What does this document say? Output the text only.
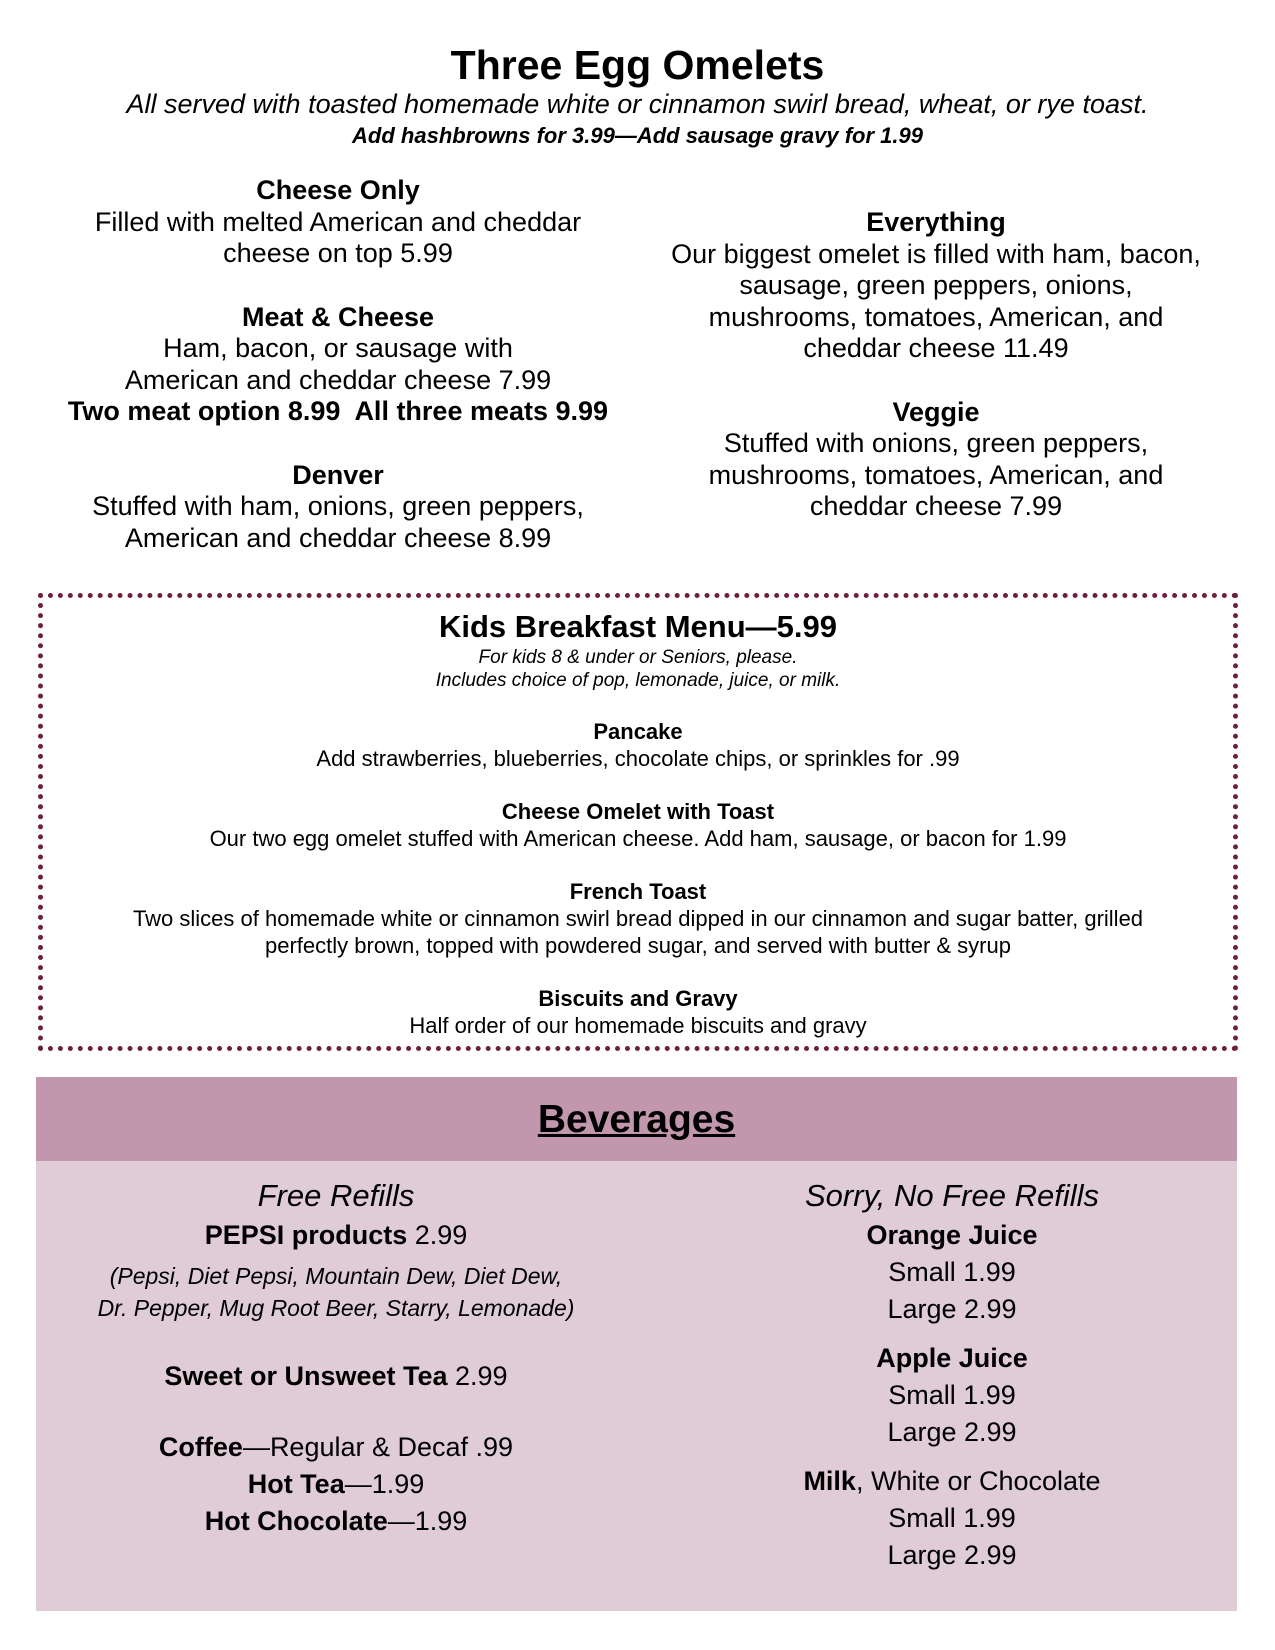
Three Egg Omelets
All served with toasted homemade white or cinnamon swirl bread, wheat, or rye toast.
Add hashbrowns for 3.99—Add sausage gravy for 1.99
Cheese Only
Filled with melted American and cheddar
cheese on top 5.99
Meat & Cheese
Ham, bacon, or sausage with
American and cheddar cheese 7.99
Two meat option 8.99  All three meats 9.99
Denver
Stuffed with ham, onions, green peppers,
American and cheddar cheese 8.99
Everything
Our biggest omelet is filled with ham, bacon,
sausage, green peppers, onions,
mushrooms, tomatoes, American, and
cheddar cheese 11.49
Veggie
Stuffed with onions, green peppers,
mushrooms, tomatoes, American, and
cheddar cheese 7.99
Kids Breakfast Menu—5.99
For kids 8 & under or Seniors, please.
Includes choice of pop, lemonade, juice, or milk.
Pancake
Add strawberries, blueberries, chocolate chips, or sprinkles for .99
Cheese Omelet with Toast
Our two egg omelet stuffed with American cheese. Add ham, sausage, or bacon for 1.99
French Toast
Two slices of homemade white or cinnamon swirl bread dipped in our cinnamon and sugar batter, grilled
perfectly brown, topped with powdered sugar, and served with butter & syrup
Biscuits and Gravy
Half order of our homemade biscuits and gravy
Beverages
Free Refills
PEPSI products 2.99
(Pepsi, Diet Pepsi, Mountain Dew, Diet Dew,
Dr. Pepper, Mug Root Beer, Starry, Lemonade)
Sweet or Unsweet Tea 2.99
Coffee—Regular & Decaf .99
Hot Tea—1.99
Hot Chocolate—1.99
Sorry, No Free Refills
Orange Juice
Small 1.99
Large 2.99
Apple Juice
Small 1.99
Large 2.99
Milk, White or Chocolate
Small 1.99
Large 2.99
